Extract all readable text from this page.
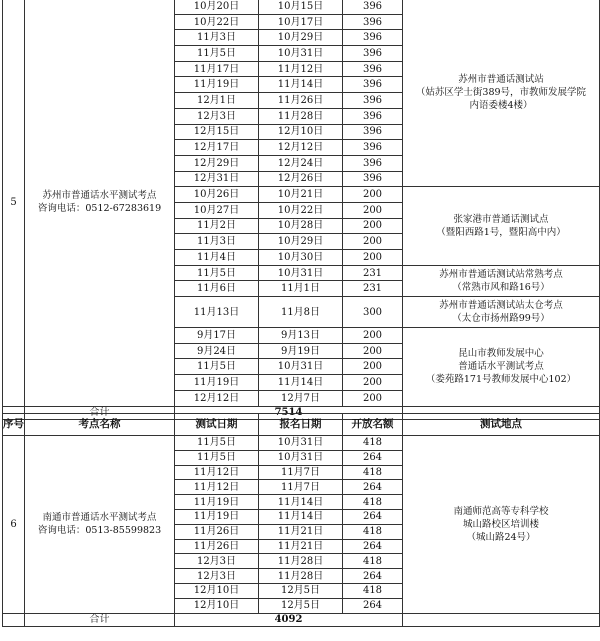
5	苏州市普通话水平测试考点
咨询电话：0512-67283619	10月20日	10月15日	396	苏州市普通话测试站
（姑苏区学士街389号，市教师发展学院
内语委楼4楼）
		10月22日	10月17日	396	
		11月3日	10月29日	396	
		11月5日	10月31日	396	
		11月17日	11月12日	396	
		11月19日	11月14日	396	
		12月1日	11月26日	396	
		12月3日	11月28日	396	
		12月15日	12月10日	396	
		12月17日	12月12日	396	
		12月29日	12月24日	396	
		12月31日	12月26日	396	
		10月26日	10月21日	200	张家港市普通话测试点
（暨阳西路1号，暨阳高中内）
		10月27日	10月22日	200	
		11月2日	10月28日	200	
		11月3日	10月29日	200	
		11月4日	10月30日	200	
		11月5日	10月31日	231	苏州市普通话测试站常熟考点
（常熟市风和路16号）
		11月6日	11月1日	231	
		11月13日	11月8日	300	苏州市普通话测试站太仓考点
（太仓市扬州路99号）
		9月17日	9月13日	200	昆山市教师发展中心
普通话水平测试考点
（娄苑路171号教师发展中心102）
		9月24日	9月19日	200	
		11月5日	10月31日	200	
		11月19日	11月14日	200	
		12月12日	12月7日	200	
	合计	7514			
序号	考点名称	测试日期	报名日期	开放名额	测试地点
6	南通市普通话水平测试考点
咨询电话：0513-85599823	11月5日	10月31日	418	南通师范高等专科学校
城山路校区培训楼
（城山路24号）
		11月5日	10月31日	264	
		11月12日	11月7日	418	
		11月12日	11月7日	264	
		11月19日	11月14日	418	
		11月19日	11月14日	264	
		11月26日	11月21日	418	
		11月26日	11月21日	264	
		12月3日	11月28日	418	
		12月3日	11月28日	264	
		12月10日	12月5日	418	
		12月10日	12月5日	264	
	合计	4092			
